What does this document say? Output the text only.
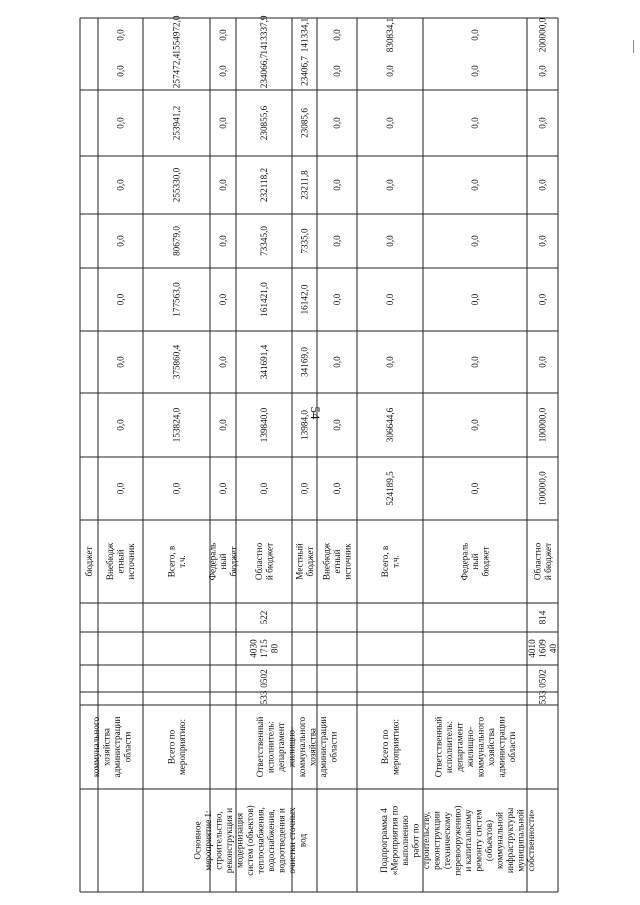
54
бюджет Внебюджетныйисточник
коммунальногохозяйстваадминистрацииобласти
0,0
0,0
0,0
0,0
0,0
0,0
0,0
0,0
0,0
Всего, вт.ч.
0,0
153824,0
375860,4
177563,0
80679,0
255330,0
253941,2
257472,4
1554972,0
Всего помероприятию:
Федеральныйбюджет
0,0
0,0
0,0
0,0
0,0
0,0
0,0
0,0
0,0
Областной бюджет
0,0
139840,0
341691,4
161421,0
73345,0
232118,2
230855,6
234066,7
1413337,9
522
4030171580
0502
533
Ответственныйисполнитель:департаментжилищно-коммунальногохозяйстваадминистрацииобласти
Местныйбюджет
0,0
13984,0
34169,0
16142,0
7335,0
23211,8
23085,6
23406,7
141334,1
Внебюджетныйисточник
0,0
0,0
0,0
0,0
0,0
0,0
0,0
0,0
0,0
Всего, вт.ч.
524189,5
306644,6
0,0
0,0
0,0
0,0
0,0
0,0
830834,1
Всего помероприятию:
Федеральныйбюджет
0,0
0,0
0,0
0,0
0,0
0,0
0,0
0,0
0,0
Ответственныйисполнитель:департаментжилищно-коммунальногохозяйстваадминистрацииобласти
Областной бюджет
100000,0
100000,0
0,0
0,0
0,0
0,0
0,0
0,0
200000,0
814
4010160940
0502
533
Основноемероприятие 1:строительство,реконструкция имодернизациясистем (объектов)теплоснабжения,водоснабжения,водоотведения иочистки сточныхвод	Подпрограмма 4«Мероприятия повыполнениюработ построительству,реконструкции(техническомуперевооружению)и капитальномуремонту систем(объектов)коммунальнойинфраструктурымуниципальнойсобственности»
